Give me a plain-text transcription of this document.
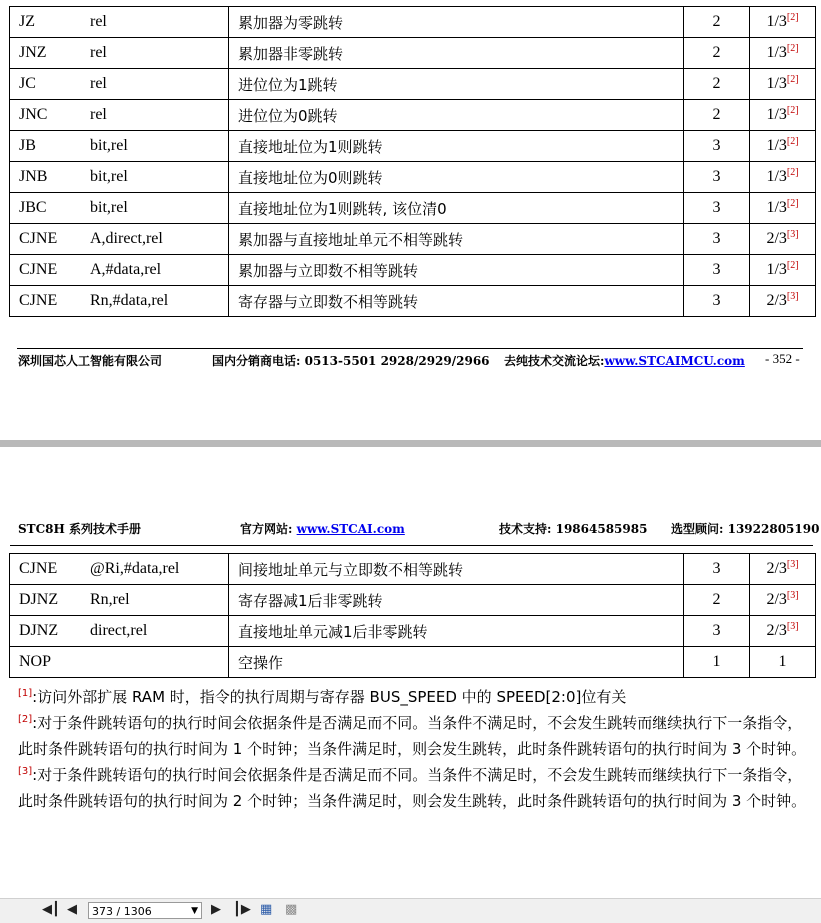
JZ rel	累加器为零跳转	2	1/3[2]
JNZ rel	累加器非零跳转	2	1/3[2]
JC rel	进位位为1跳转	2	1/3[2]
JNC rel	进位位为0跳转	2	1/3[2]
JB bit,rel	直接地址位为1则跳转	3	1/3[2]
JNB bit,rel	直接地址位为0则跳转	3	1/3[2]
JBC bit,rel	直接地址位为1则跳转, 该位清0	3	1/3[2]
CJNE A,direct,rel	累加器与直接地址单元不相等跳转	3	2/3[3]
CJNE A,#data,rel	累加器与立即数不相等跳转	3	1/3[2]
CJNE Rn,#data,rel	寄存器与立即数不相等跳转	3	2/3[3]
深圳国芯人工智能有限公司	国内分销商电话: 0513-5501 2928/2929/2966 去纯技术交流论坛:www.STCAIMCU.com - 352 -
STC8H 系列技术手册	官方网站: www.STCAI.com	技术支持: 19864585985 选型顾问: 13922805190
CJNE @Ri,#data,rel	间接地址单元与立即数不相等跳转	3	2/3[3]
DJNZ Rn,rel	寄存器减1后非零跳转	2	2/3[3]
DJNZ direct,rel	直接地址单元减1后非零跳转	3	2/3[3]
NOP	空操作	1	1

[1]:访问外部扩展 RAM 时，指令的执行周期与寄存器 BUS_SPEED 中的 SPEED[2:0]位有关

[2]:对于条件跳转语句的执行时间会依据条件是否满足而不同。当条件不满足时，不会发生跳转而继续执行下一条指令，此时条件跳转语句的执行时间为 1 个时钟；当条件满足时，则会发生跳转，此时条件跳转语句的执行时间为 3 个时钟。

[3]:对于条件跳转语句的执行时间会依据条件是否满足而不同。当条件不满足时，不会发生跳转而继续执行下一条指令，此时条件跳转语句的执行时间为 2 个时钟；当条件满足时，则会发生跳转，此时条件跳转语句的执行时间为 3 个时钟。

◀┃ ◀	373 / 1306	▼ ▶ ┃▶ ▦ ▩
